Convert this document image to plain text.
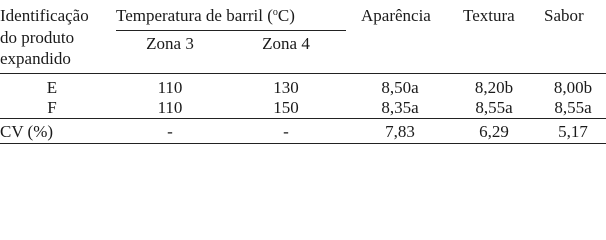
Identificação
do produto
expandido
Temperatura de barril ($^o$C)
Zona 3	Zona 4
Aparência Textura Sabor
E	110	130	8,50a	8,20b	8,00b
F	110	150	8,35a	8,55a	8,55a
CV (%)	-	-	7,83	6,29	5,17
